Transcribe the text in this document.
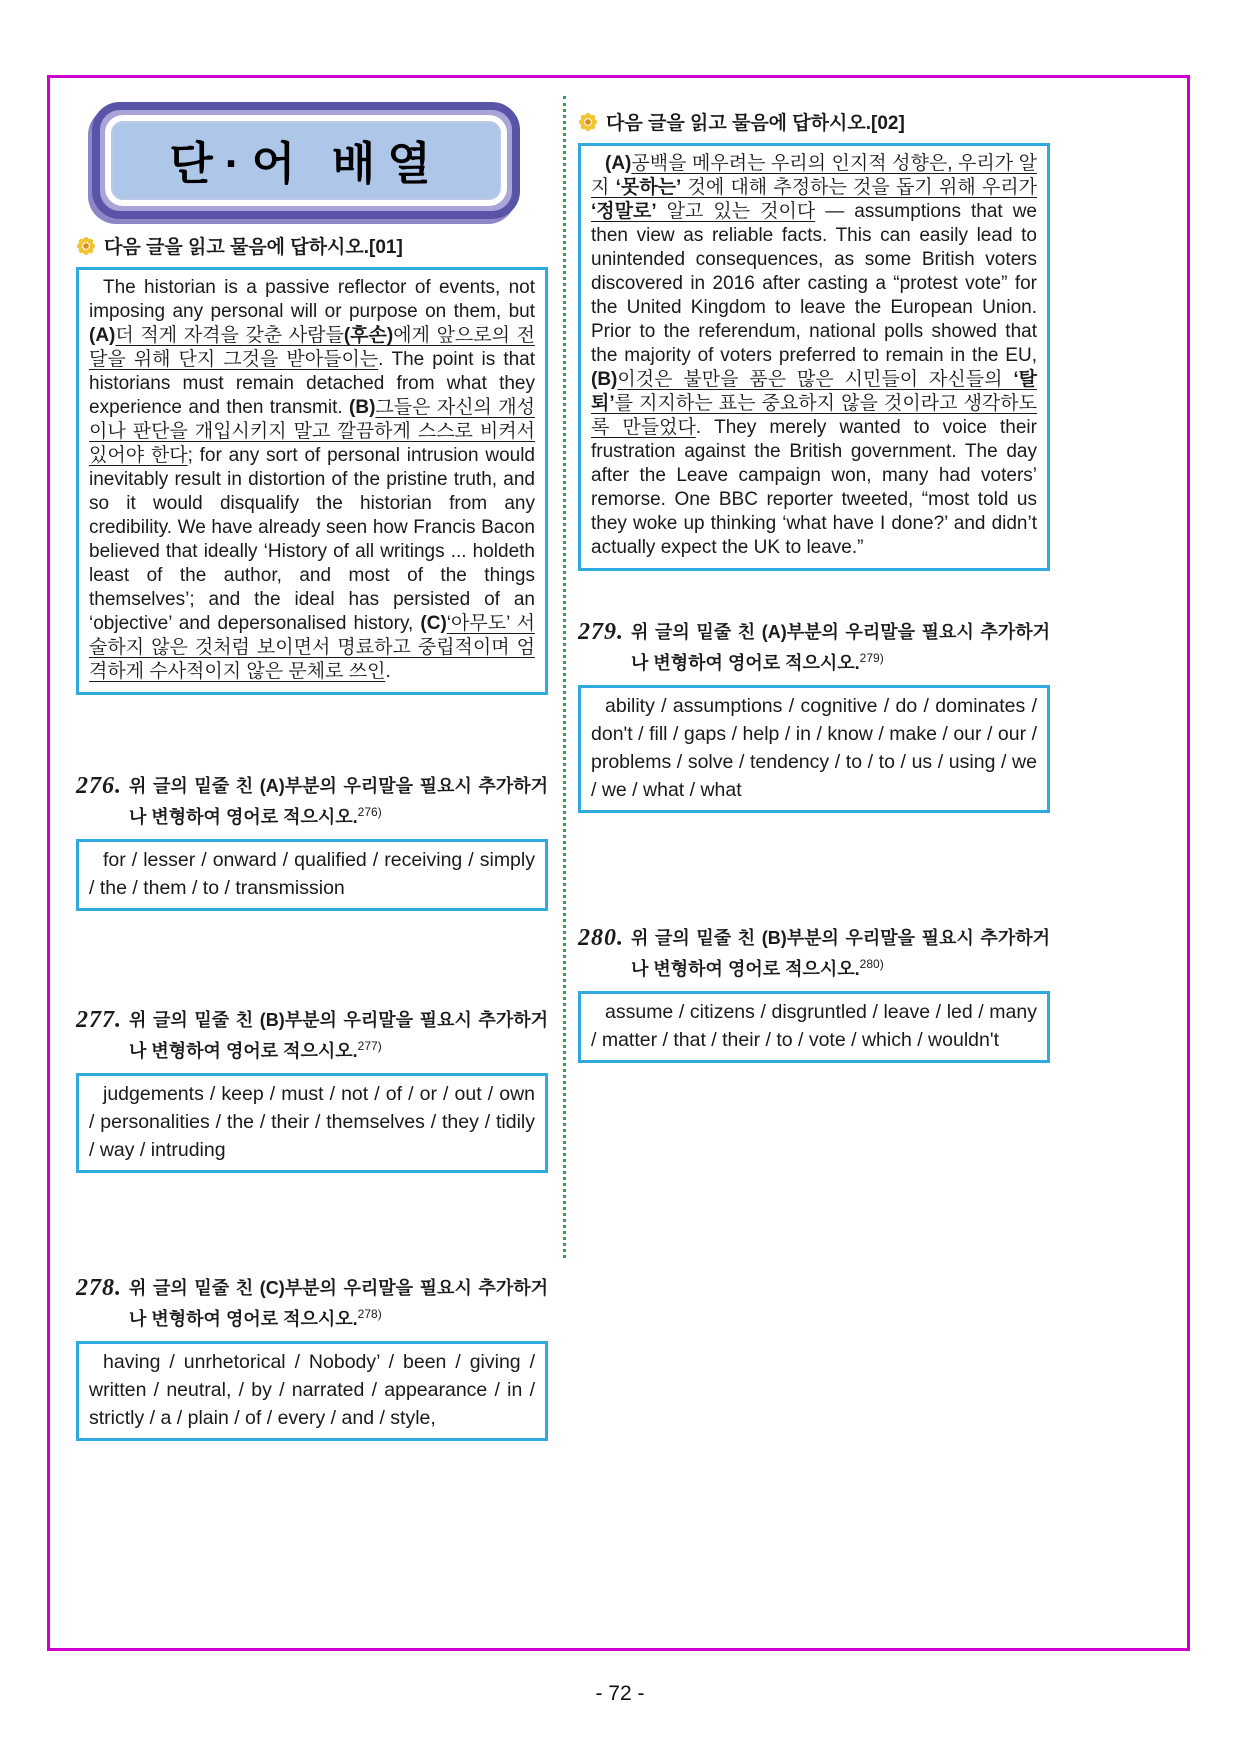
단·어 배열
다음 글을 읽고 물음에 답하시오.[01]
The historian is a passive reflector of events, not imposing any personal will or purpose on them, but (A)더 적게 자격을 갖춘 사람들(후손)에게 앞으로의 전달을 위해 단지 그것을 받아들이는. The point is that historians must remain detached from what they experience and then transmit. (B)그들은 자신의 개성이나 판단을 개입시키지 말고 깔끔하게 스스로 비켜서 있어야 한다; for any sort of personal intrusion would inevitably result in distortion of the pristine truth, and so it would disqualify the historian from any credibility. We have already seen how Francis Bacon believed that ideally ‘History of all writings ... holdeth least of the author, and most of the things themselves’; and the ideal has persisted of an ‘objective’ and depersonalised history, (C)‘아무도’ 서술하지 않은 것처럼 보이면서 명료하고 중립적이며 엄격하게 수사적이지 않은 문체로 쓰인.
276. 위 글의 밑줄 친 (A)부분의 우리말을 필요시 추가하거나 변형하여 영어로 적으시오.$^{276)}$
for / lesser / onward / qualified / receiving / simply / the / them / to / transmission
277. 위 글의 밑줄 친 (B)부분의 우리말을 필요시 추가하거나 변형하여 영어로 적으시오.$^{277)}$
judgements / keep / must / not / of / or / out / own / personalities / the / their / themselves / they / tidily / way / intruding
278. 위 글의 밑줄 친 (C)부분의 우리말을 필요시 추가하거나 변형하여 영어로 적으시오.$^{278)}$
having / unrhetorical / Nobody’ / been / giving / written / neutral, / by / narrated / appearance / in / strictly / a / plain / of / every / and / style,
다음 글을 읽고 물음에 답하시오.[02]
(A)공백을 메우려는 우리의 인지적 성향은, 우리가 알지 ‘못하는’ 것에 대해 추정하는 것을 돕기 위해 우리가 ‘정말로’ 알고 있는 것이다 — assumptions that we then view as reliable facts. This can easily lead to unintended consequences, as some British voters discovered in 2016 after casting a “protest vote” for the United Kingdom to leave the European Union. Prior to the referendum, national polls showed that the majority of voters preferred to remain in the EU, (B)이것은 불만을 품은 많은 시민들이 자신들의 ‘탈퇴’를 지지하는 표는 중요하지 않을 것이라고 생각하도록 만들었다. They merely wanted to voice their frustration against the British government. The day after the Leave campaign won, many had voters’ remorse. One BBC reporter tweeted, “most told us they woke up thinking ‘what have I done?’ and didn’t actually expect the UK to leave.”
279. 위 글의 밑줄 친 (A)부분의 우리말을 필요시 추가하거나 변형하여 영어로 적으시오.$^{279)}$
ability / assumptions / cognitive / do / dominates / don't / fill / gaps / help / in / know / make / our / our / problems / solve / tendency / to / to / us / using / we / we / what / what
280. 위 글의 밑줄 친 (B)부분의 우리말을 필요시 추가하거나 변형하여 영어로 적으시오.$^{280)}$
assume / citizens / disgruntled / leave / led / many / matter / that / their / to / vote / which / wouldn't
- 72 -
